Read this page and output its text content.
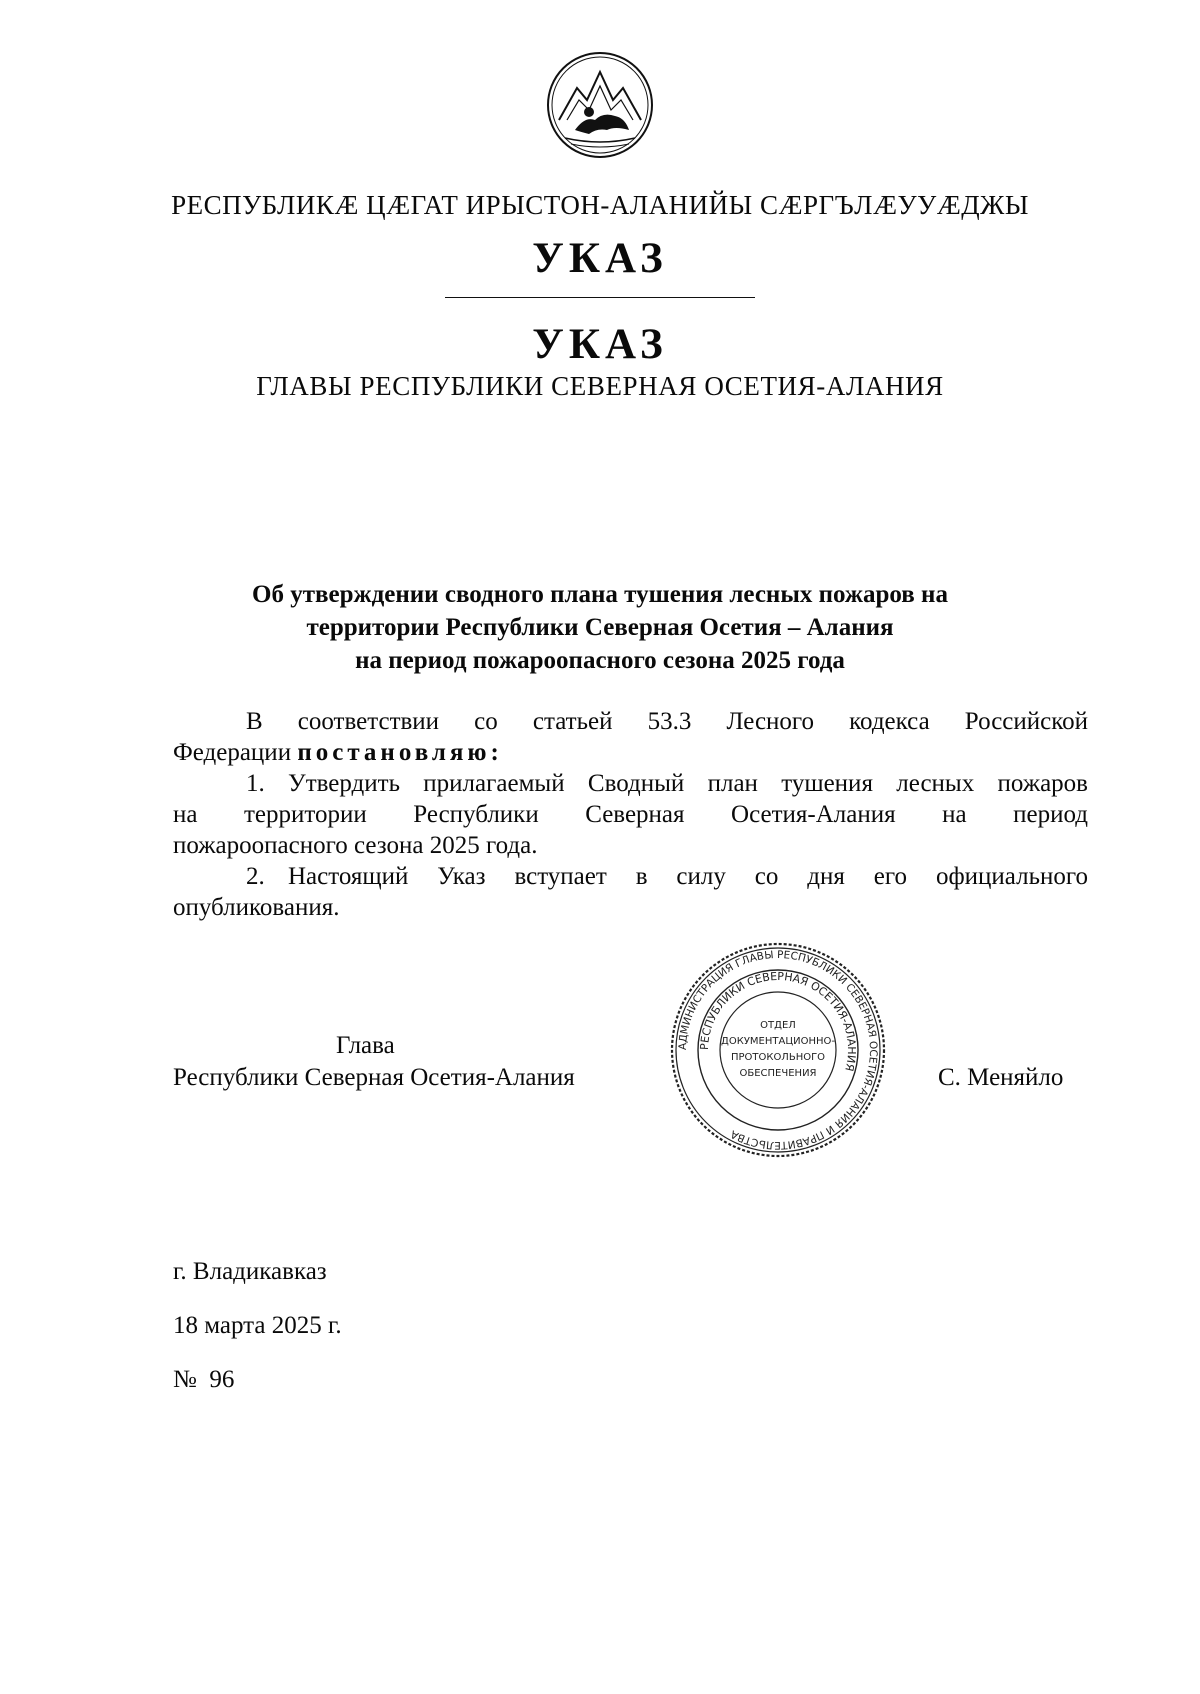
РЕСПУБЛИКӔ ЦӔГАТ ИРЫСТОН-АЛАНИЙЫ СӔРГЪЛӔУУӔДЖЫ
УКАЗ
УКАЗ
ГЛАВЫ РЕСПУБЛИКИ СЕВЕРНАЯ ОСЕТИЯ-АЛАНИЯ
Об утверждении сводного плана тушения лесных пожаров на
территории Республики Северная Осетия – Алания
на период пожароопасного сезона 2025 года
В соответствии со статьей 53.3 Лесного кодекса Российской
Федерации постановляю:
1. Утвердить прилагаемый Сводный план тушения лесных пожаров
на территории Республики Северная Осетия-Алания на период
пожароопасного сезона 2025 года.
2. Настоящий Указ вступает в силу со дня его официального
опубликования.
Глава
Республики Северная Осетия-Алания	С. Меняйло
АДМИНИСТРАЦИЯ ГЛАВЫ РЕСПУБЛИКИ СЕВЕРНАЯ ОСЕТИЯ-АЛАНИЯ И ПРАВИТЕЛЬСТВА
РЕСПУБЛИКИ СЕВЕРНАЯ ОСЕТИЯ-АЛАНИЯ
ОТДЕЛ
ДОКУМЕНТАЦИОННО-
ПРОТОКОЛЬНОГО
ОБЕСПЕЧЕНИЯ
г. Владикавказ
18 марта 2025 г.
№  96
